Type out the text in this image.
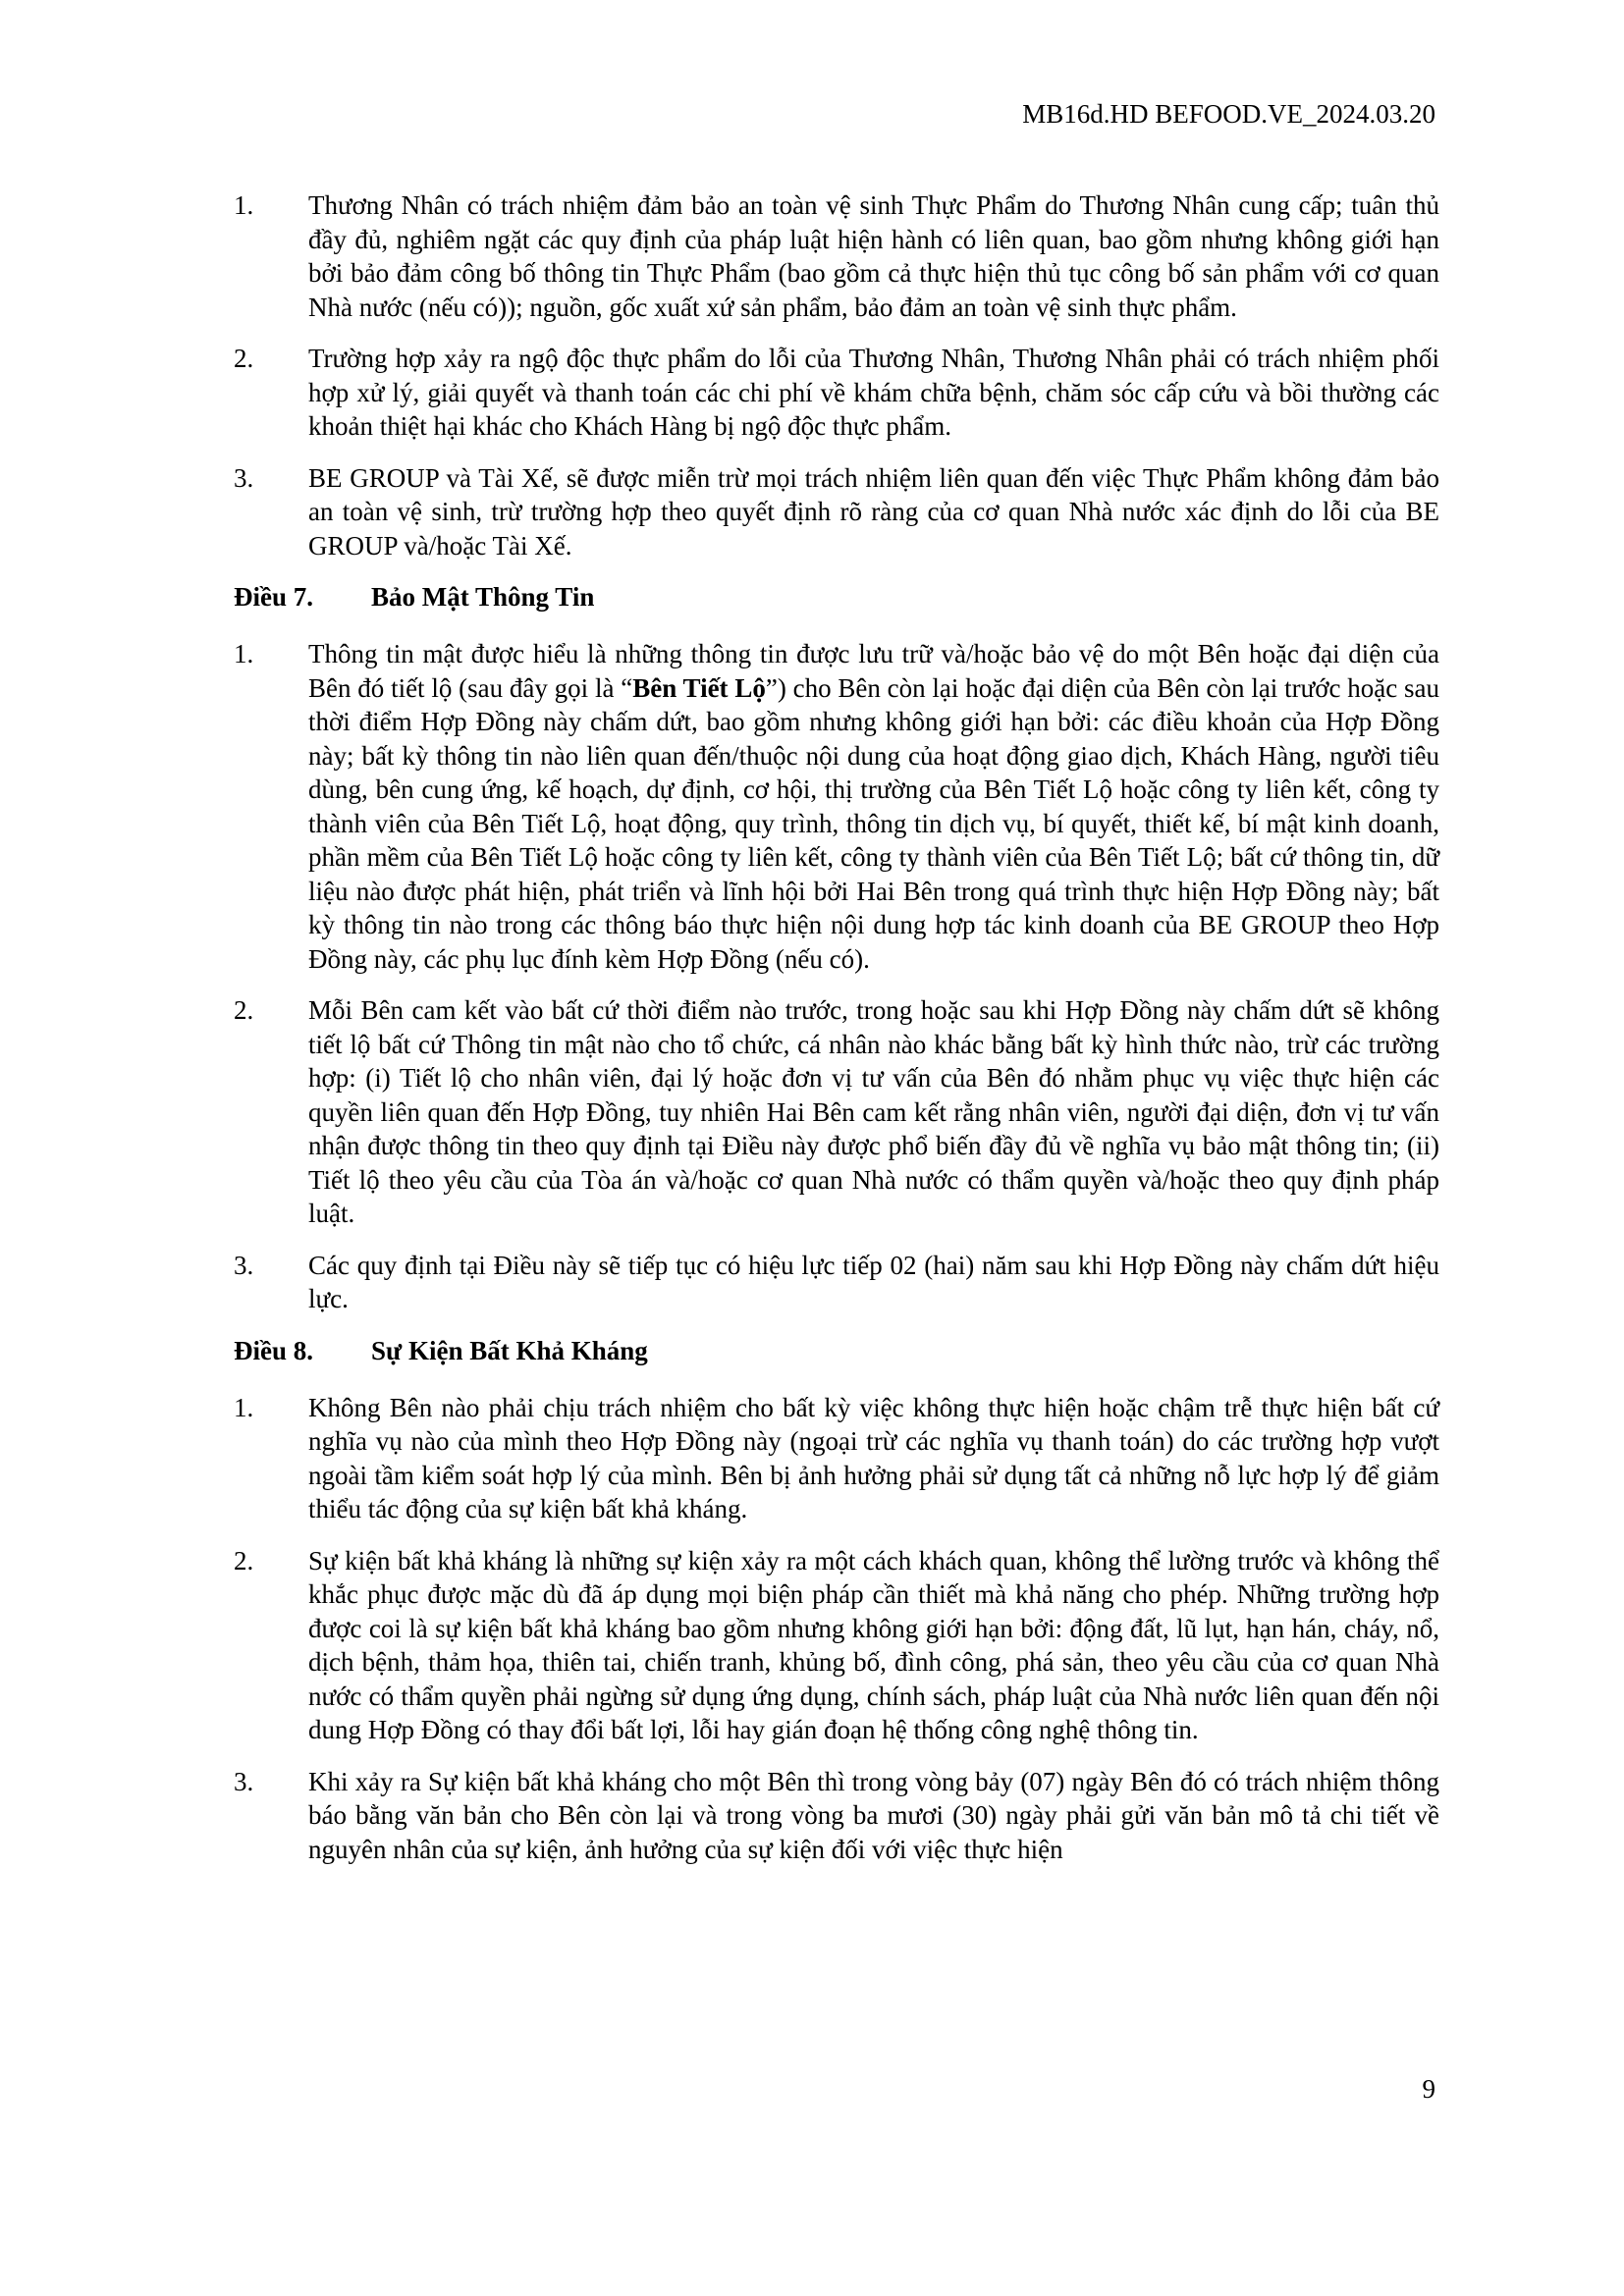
MB16d.HD BEFOOD.VE_2024.03.20
1.	Thương Nhân có trách nhiệm đảm bảo an toàn vệ sinh Thực Phẩm do Thương Nhân cung cấp; tuân thủ đầy đủ, nghiêm ngặt các quy định của pháp luật hiện hành có liên quan, bao gồm nhưng không giới hạn bởi bảo đảm công bố thông tin Thực Phẩm (bao gồm cả thực hiện thủ tục công bố sản phẩm với cơ quan Nhà nước (nếu có)); nguồn, gốc xuất xứ sản phẩm, bảo đảm an toàn vệ sinh thực phẩm.
2.	Trường hợp xảy ra ngộ độc thực phẩm do lỗi của Thương Nhân, Thương Nhân phải có trách nhiệm phối hợp xử lý, giải quyết và thanh toán các chi phí về khám chữa bệnh, chăm sóc cấp cứu và bồi thường các khoản thiệt hại khác cho Khách Hàng bị ngộ độc thực phẩm.
3.	BE GROUP và Tài Xế, sẽ được miễn trừ mọi trách nhiệm liên quan đến việc Thực Phẩm không đảm bảo an toàn vệ sinh, trừ trường hợp theo quyết định rõ ràng của cơ quan Nhà nước xác định do lỗi của BE GROUP và/hoặc Tài Xế.
Điều 7. Bảo Mật Thông Tin
1.	Thông tin mật được hiểu là những thông tin được lưu trữ và/hoặc bảo vệ do một Bên hoặc đại diện của Bên đó tiết lộ (sau đây gọi là “Bên Tiết Lộ”) cho Bên còn lại hoặc đại diện của Bên còn lại trước hoặc sau thời điểm Hợp Đồng này chấm dứt, bao gồm nhưng không giới hạn bởi: các điều khoản của Hợp Đồng này; bất kỳ thông tin nào liên quan đến/thuộc nội dung của hoạt động giao dịch, Khách Hàng, người tiêu dùng, bên cung ứng, kế hoạch, dự định, cơ hội, thị trường của Bên Tiết Lộ hoặc công ty liên kết, công ty thành viên của Bên Tiết Lộ, hoạt động, quy trình, thông tin dịch vụ, bí quyết, thiết kế, bí mật kinh doanh, phần mềm của Bên Tiết Lộ hoặc công ty liên kết, công ty thành viên của Bên Tiết Lộ; bất cứ thông tin, dữ liệu nào được phát hiện, phát triển và lĩnh hội bởi Hai Bên trong quá trình thực hiện Hợp Đồng này; bất kỳ thông tin nào trong các thông báo thực hiện nội dung hợp tác kinh doanh của BE GROUP theo Hợp Đồng này, các phụ lục đính kèm Hợp Đồng (nếu có).
2.	Mỗi Bên cam kết vào bất cứ thời điểm nào trước, trong hoặc sau khi Hợp Đồng này chấm dứt sẽ không tiết lộ bất cứ Thông tin mật nào cho tổ chức, cá nhân nào khác bằng bất kỳ hình thức nào, trừ các trường hợp: (i) Tiết lộ cho nhân viên, đại lý hoặc đơn vị tư vấn của Bên đó nhằm phục vụ việc thực hiện các quyền liên quan đến Hợp Đồng, tuy nhiên Hai Bên cam kết rằng nhân viên, người đại diện, đơn vị tư vấn nhận được thông tin theo quy định tại Điều này được phổ biến đầy đủ về nghĩa vụ bảo mật thông tin; (ii) Tiết lộ theo yêu cầu của Tòa án và/hoặc cơ quan Nhà nước có thẩm quyền và/hoặc theo quy định pháp luật.
3.	Các quy định tại Điều này sẽ tiếp tục có hiệu lực tiếp 02 (hai) năm sau khi Hợp Đồng này chấm dứt hiệu lực.
Điều 8. Sự Kiện Bất Khả Kháng
1.	Không Bên nào phải chịu trách nhiệm cho bất kỳ việc không thực hiện hoặc chậm trễ thực hiện bất cứ nghĩa vụ nào của mình theo Hợp Đồng này (ngoại trừ các nghĩa vụ thanh toán) do các trường hợp vượt ngoài tầm kiểm soát hợp lý của mình. Bên bị ảnh hưởng phải sử dụng tất cả những nỗ lực hợp lý để giảm thiểu tác động của sự kiện bất khả kháng.
2.	Sự kiện bất khả kháng là những sự kiện xảy ra một cách khách quan, không thể lường trước và không thể khắc phục được mặc dù đã áp dụng mọi biện pháp cần thiết mà khả năng cho phép. Những trường hợp được coi là sự kiện bất khả kháng bao gồm nhưng không giới hạn bởi: động đất, lũ lụt, hạn hán, cháy, nổ, dịch bệnh, thảm họa, thiên tai, chiến tranh, khủng bố, đình công, phá sản, theo yêu cầu của cơ quan Nhà nước có thẩm quyền phải ngừng sử dụng ứng dụng, chính sách, pháp luật của Nhà nước liên quan đến nội dung Hợp Đồng có thay đổi bất lợi, lỗi hay gián đoạn hệ thống công nghệ thông tin.
3.	Khi xảy ra Sự kiện bất khả kháng cho một Bên thì trong vòng bảy (07) ngày Bên đó có trách nhiệm thông báo bằng văn bản cho Bên còn lại và trong vòng ba mươi (30) ngày phải gửi văn bản mô tả chi tiết về nguyên nhân của sự kiện, ảnh hưởng của sự kiện đối với việc thực hiện
9
